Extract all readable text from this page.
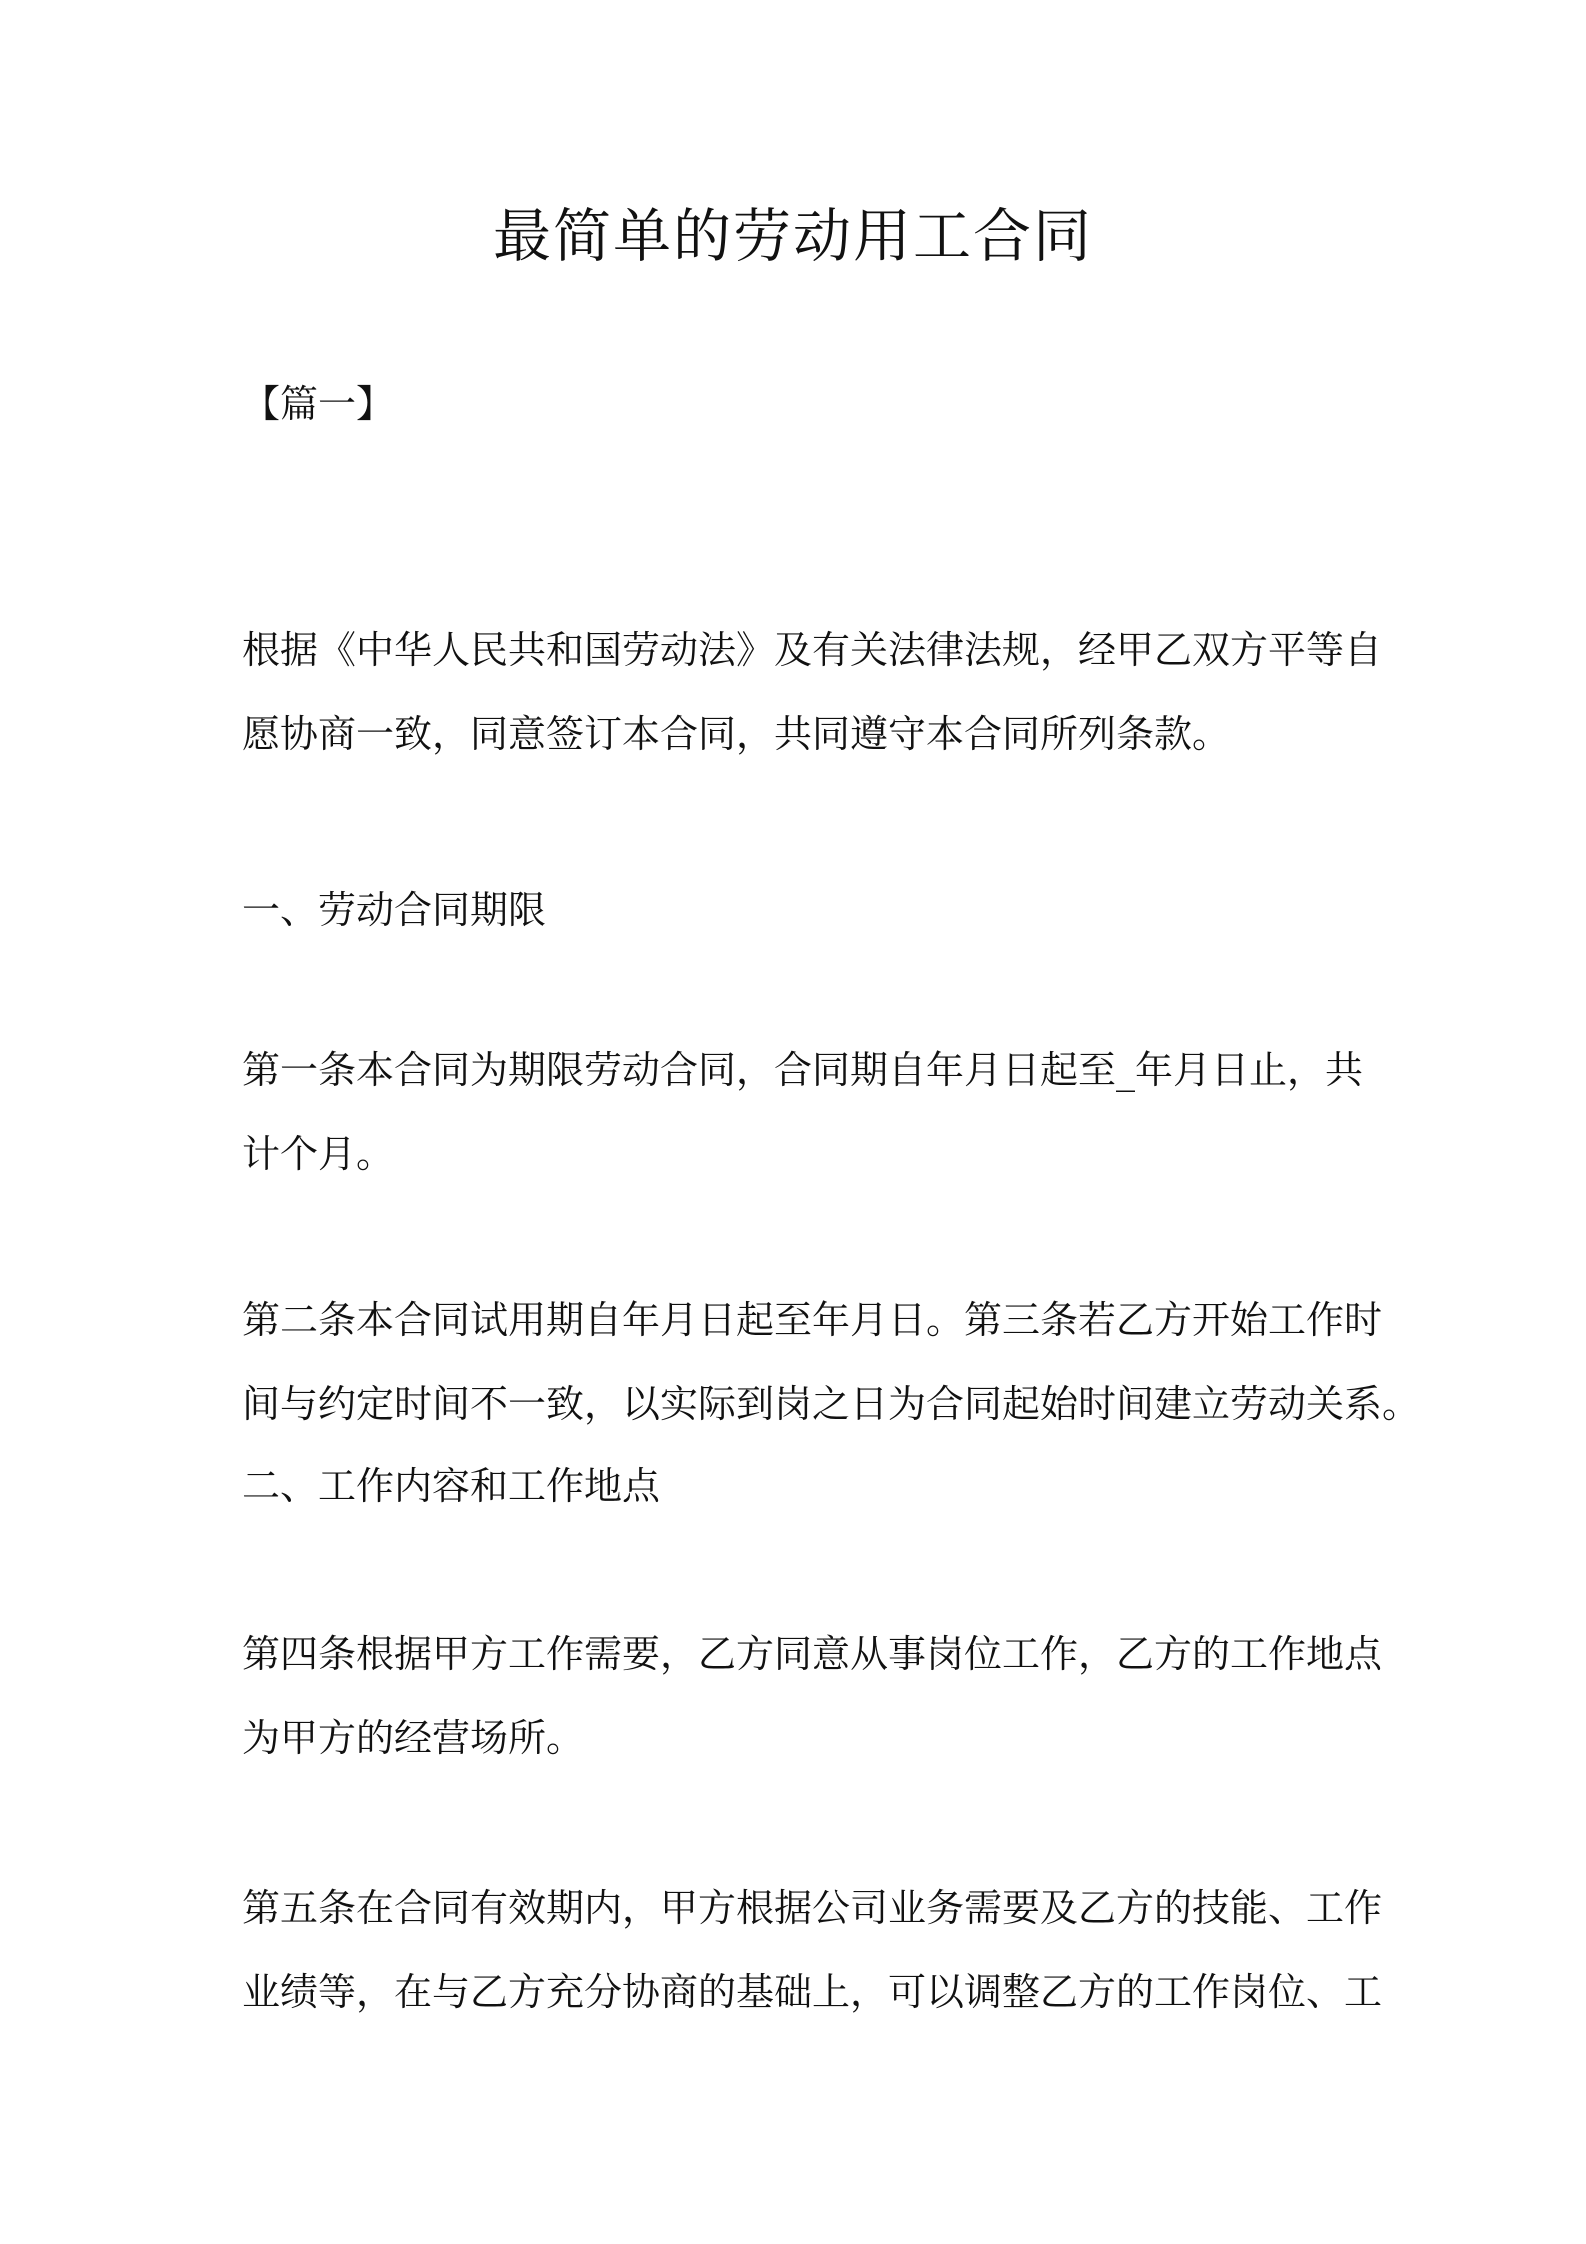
最简单的劳动用工合同
【篇一】
根据《中华人民共和国劳动法》及有关法律法规，经甲乙双方平等自
愿协商一致，同意签订本合同，共同遵守本合同所列条款。
一、劳动合同期限
第一条本合同为期限劳动合同，合同期自年月日起至_年月日止，共
计个月。
第二条本合同试用期自年月日起至年月日。第三条若乙方开始工作时
间与约定时间不一致，以实际到岗之日为合同起始时间建立劳动关系。
二、工作内容和工作地点
第四条根据甲方工作需要，乙方同意从事岗位工作，乙方的工作地点
为甲方的经营场所。
第五条在合同有效期内，甲方根据公司业务需要及乙方的技能、工作
业绩等，在与乙方充分协商的基础上，可以调整乙方的工作岗位、工
